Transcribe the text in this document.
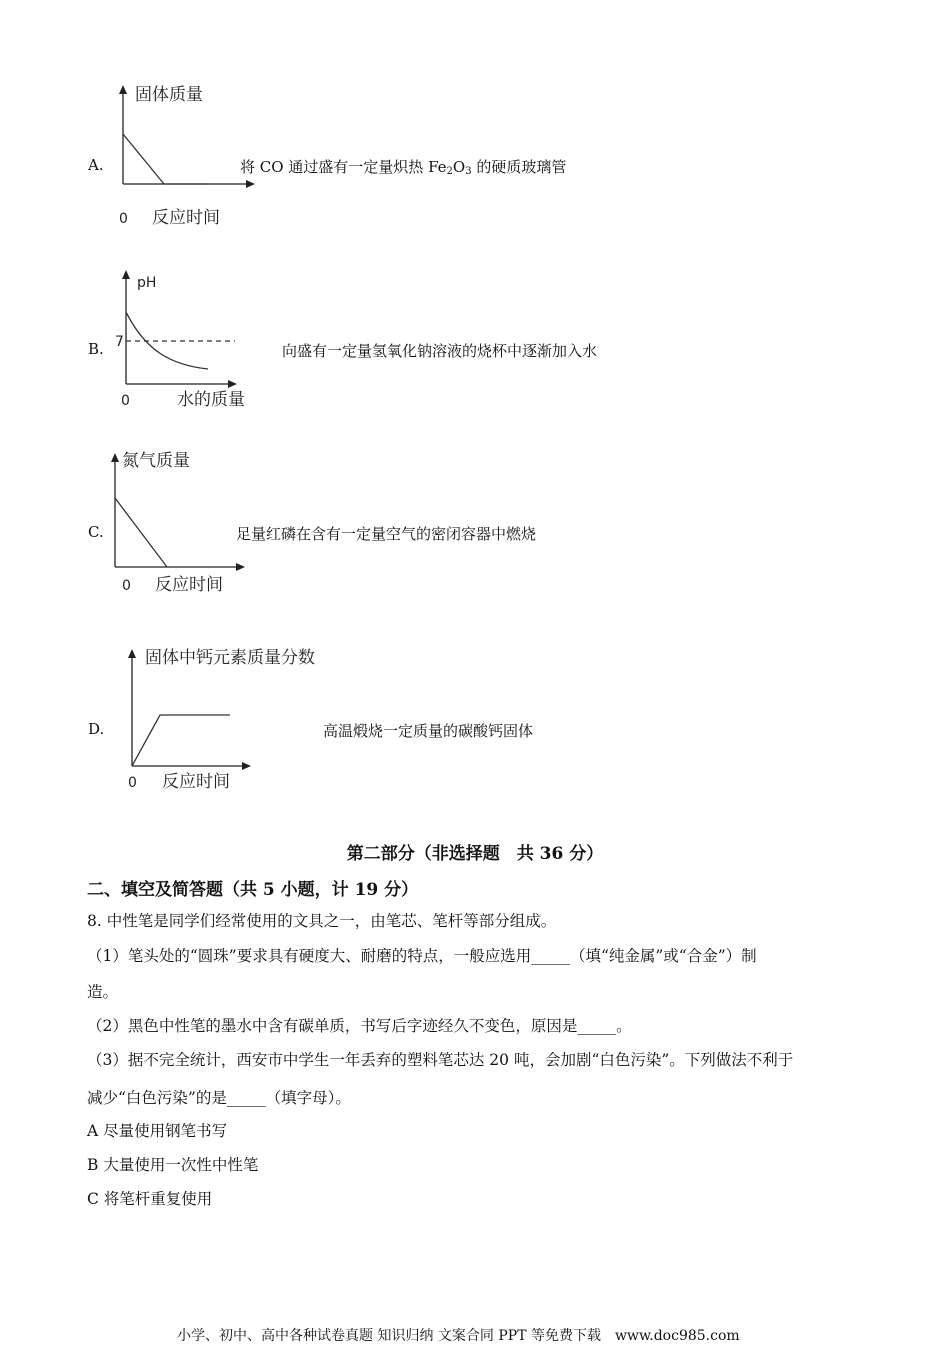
A.
固体质量
0 反应时间
将 CO 通过盛有一定量炽热 $Fe_2O_3$ 的硬质玻璃管
B.
pH
7
0	水的质量
向盛有一定量氢氧化钠溶液的烧杯中逐渐加入水
C.
氮气质量
0 反应时间
足量红磷在含有一定量空气的密闭容器中燃烧
D.
固体中钙元素质量分数
0 反应时间
高温煅烧一定质量的碳酸钙固体
第二部分（非选择题　共 36 分）
二、填空及简答题（共 5 小题，计 19 分）
8. 中性笔是同学们经常使用的文具之一，由笔芯、笔杆等部分组成。
（1）笔头处的“圆珠”要求具有硬度大、耐磨的特点，一般应选用_____（填“纯金属”或“合金”）制
造。
（2）黑色中性笔的墨水中含有碳单质，书写后字迹经久不变色，原因是_____。
（3）据不完全统计，西安市中学生一年丢弃的塑料笔芯达 20 吨，会加剧“白色污染”。下列做法不利于
减少“白色污染”的是_____（填字母）。
A 尽量使用钢笔书写
B 大量使用一次性中性笔
C 将笔杆重复使用
小学、初中、高中各种试卷真题 知识归纳 文案合同 PPT 等免费下载　www.doc985.com
